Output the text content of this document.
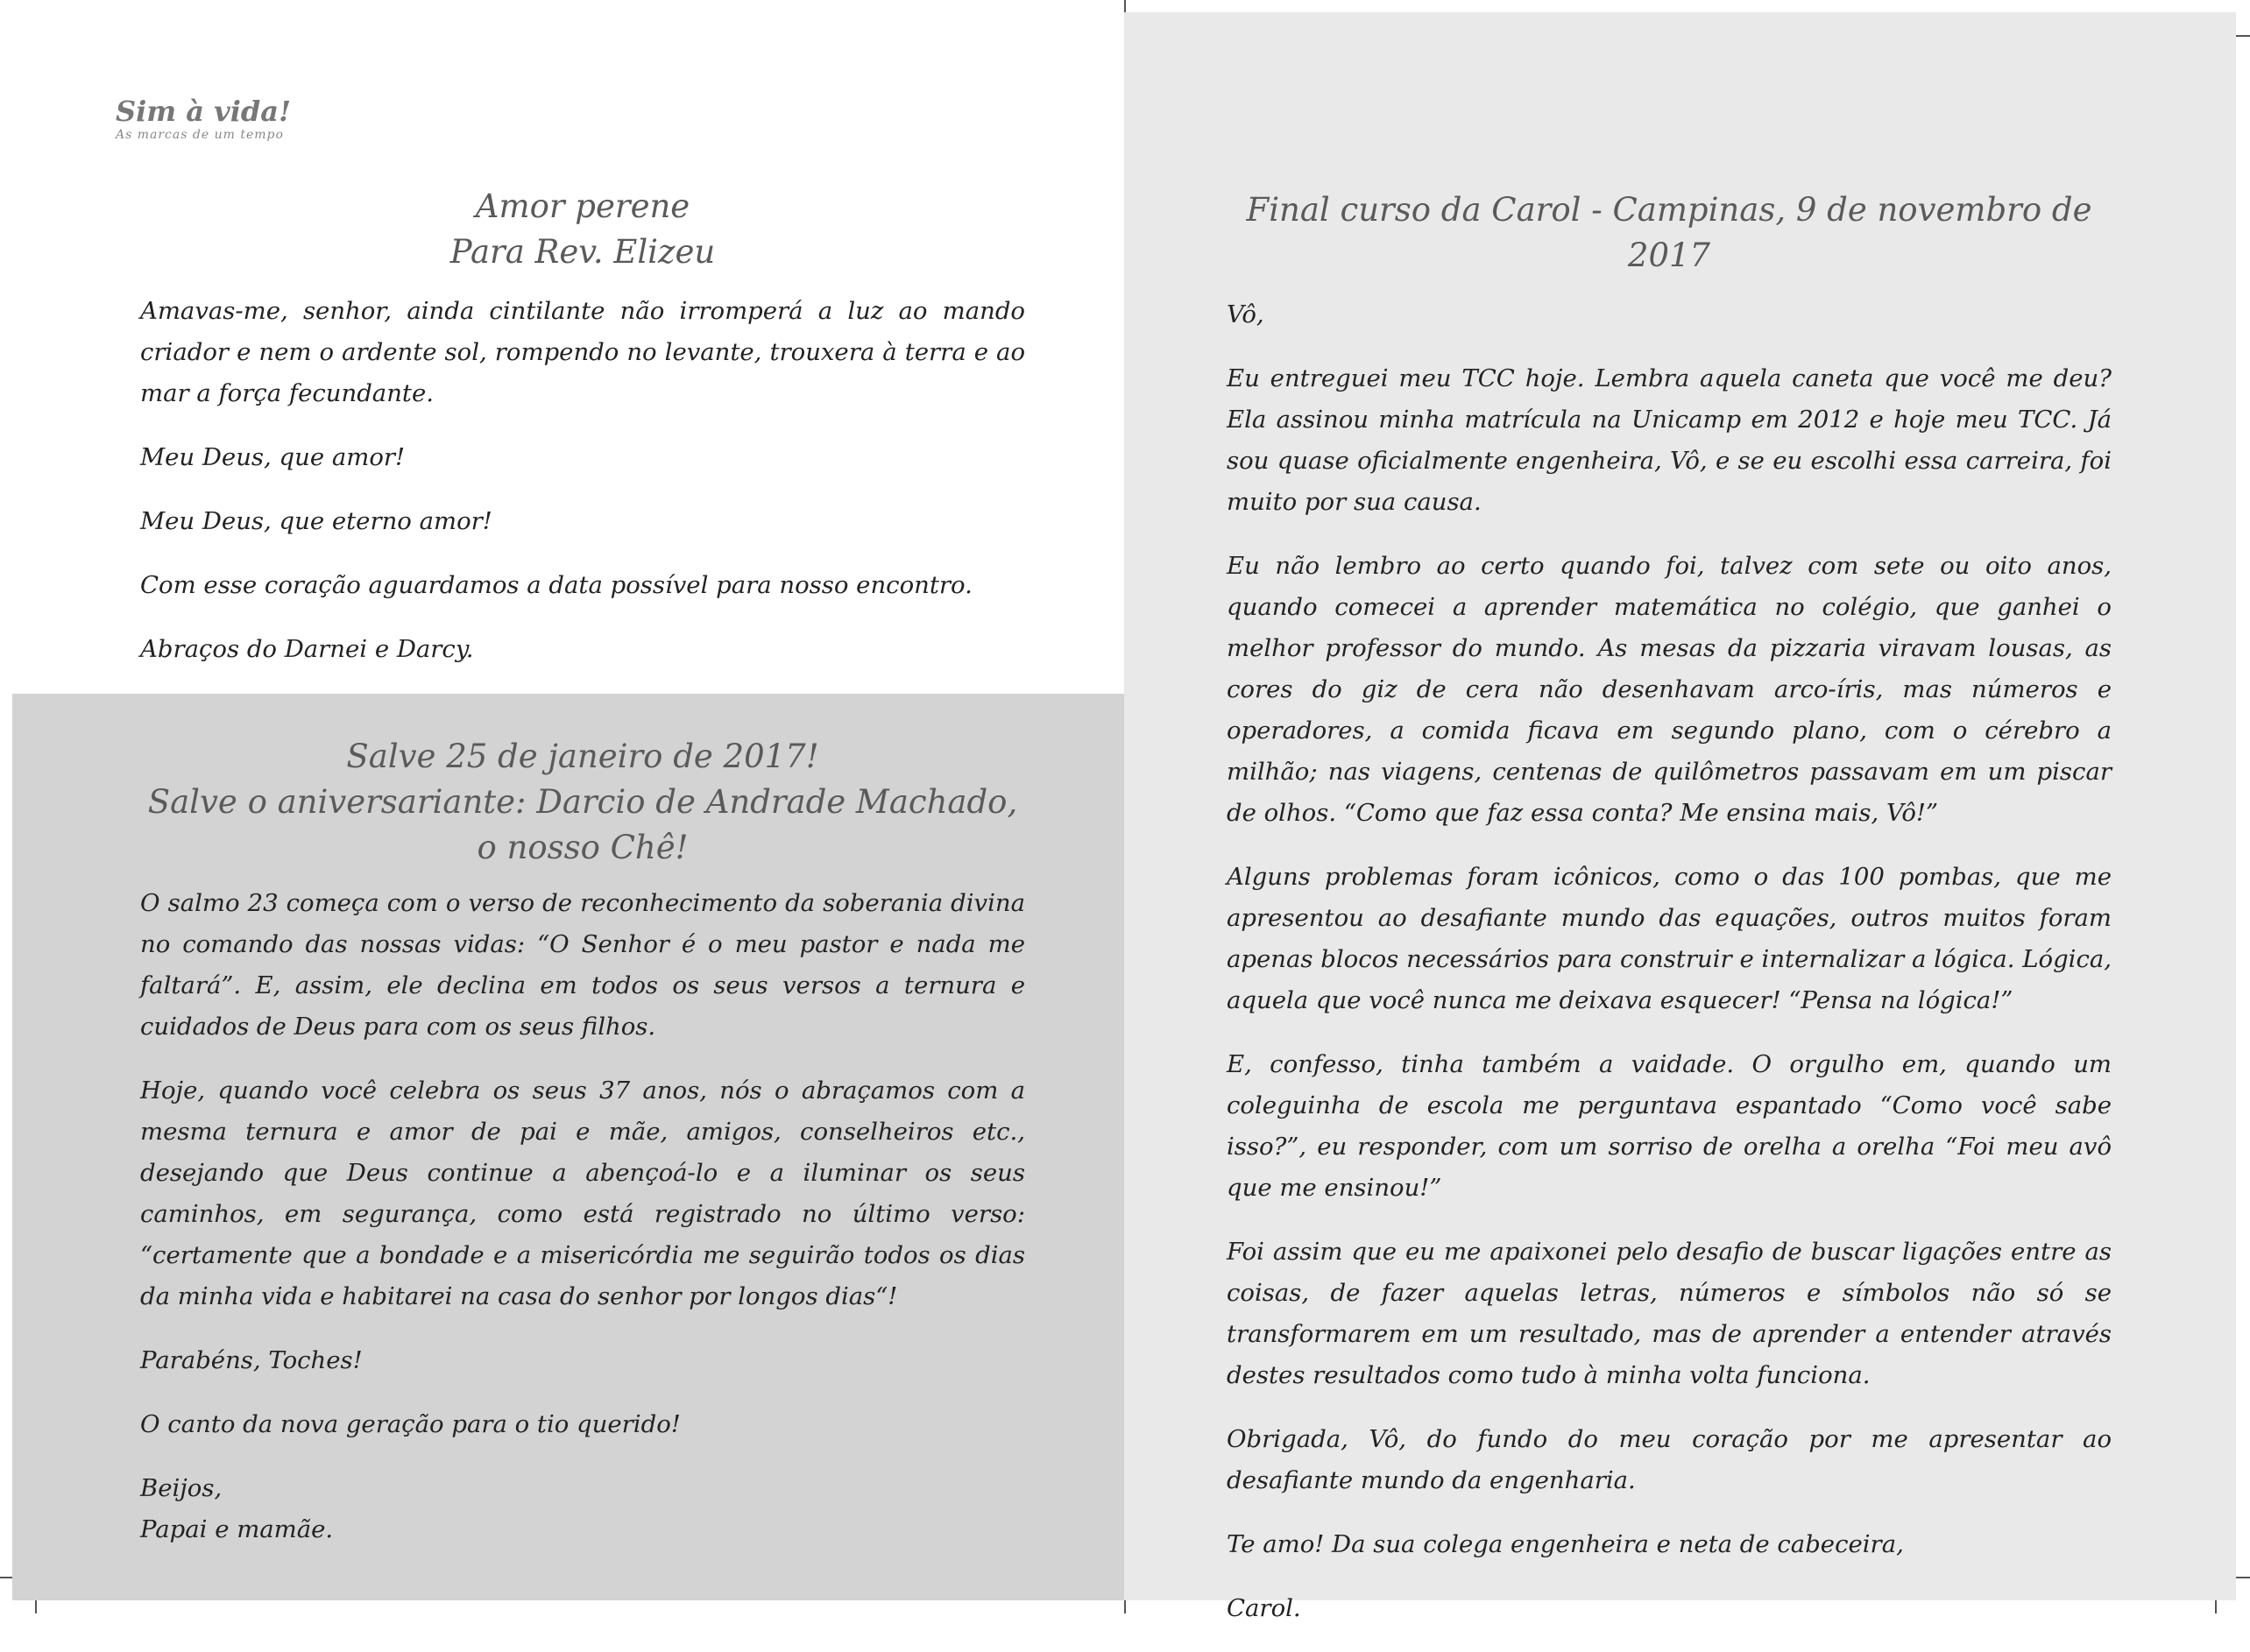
Sim à vida!
As marcas de um tempo
Amor perene
Para Rev. Elizeu

Amavas-me, senhor, ainda cintilante não irromperá a luz ao mando criador e nem o ardente sol, rompendo no levante, trouxera à terra e ao mar a força fecundante.

Meu Deus, que amor!

Meu Deus, que eterno amor!

Com esse coração aguardamos a data possível para nosso encontro.

Abraços do Darnei e Darcy.

Salve 25 de janeiro de 2017!
Salve o aniversariante: Darcio de Andrade Machado, o nosso Chê!

O salmo 23 começa com o verso de reconhecimento da soberania divina no comando das nossas vidas: “O Senhor é o meu pastor e nada me faltará”. E, assim, ele declina em todos os seus versos a ternura e cuidados de Deus para com os seus filhos.

Hoje, quando você celebra os seus 37 anos, nós o abraçamos com a mesma ternura e amor de pai e mãe, amigos, conselheiros etc., desejando que Deus continue a abençoá-lo e a iluminar os seus caminhos, em segurança, como está registrado no último verso: “certamente que a bondade e a misericórdia me seguirão todos os dias da minha vida e habitarei na casa do senhor por longos dias“!

Parabéns, Toches!

O canto da nova geração para o tio querido!

Beijos,

Papai e mamãe.

Final curso da Carol - Campinas, 9 de novembro de 2017

Vô,

Eu entreguei meu TCC hoje. Lembra aquela caneta que você me deu? Ela assinou minha matrícula na Unicamp em 2012 e hoje meu TCC. Já sou quase oficialmente engenheira, Vô, e se eu escolhi essa carreira, foi muito por sua causa.

Eu não lembro ao certo quando foi, talvez com sete ou oito anos, quando comecei a aprender matemática no colégio, que ganhei o melhor professor do mundo. As mesas da pizzaria viravam lousas, as cores do giz de cera não desenhavam arco-íris, mas números e operadores, a comida ficava em segundo plano, com o cérebro a milhão; nas viagens, centenas de quilômetros passavam em um piscar de olhos. “Como que faz essa conta? Me ensina mais, Vô!”

Alguns problemas foram icônicos, como o das 100 pombas, que me apresentou ao desafiante mundo das equações, outros muitos foram apenas blocos necessários para construir e internalizar a lógica. Lógica, aquela que você nunca me deixava esquecer! “Pensa na lógica!”

E, confesso, tinha também a vaidade. O orgulho em, quando um coleguinha de escola me perguntava espantado “Como você sabe isso?”, eu responder, com um sorriso de orelha a orelha “Foi meu avô que me ensinou!”

Foi assim que eu me apaixonei pelo desafio de buscar ligações entre as coisas, de fazer aquelas letras, números e símbolos não só se transformarem em um resultado, mas de aprender a entender através destes resultados como tudo à minha volta funciona.

Obrigada, Vô, do fundo do meu coração por me apresentar ao desafiante mundo da engenharia.

Te amo! Da sua colega engenheira e neta de cabeceira,

Carol.
